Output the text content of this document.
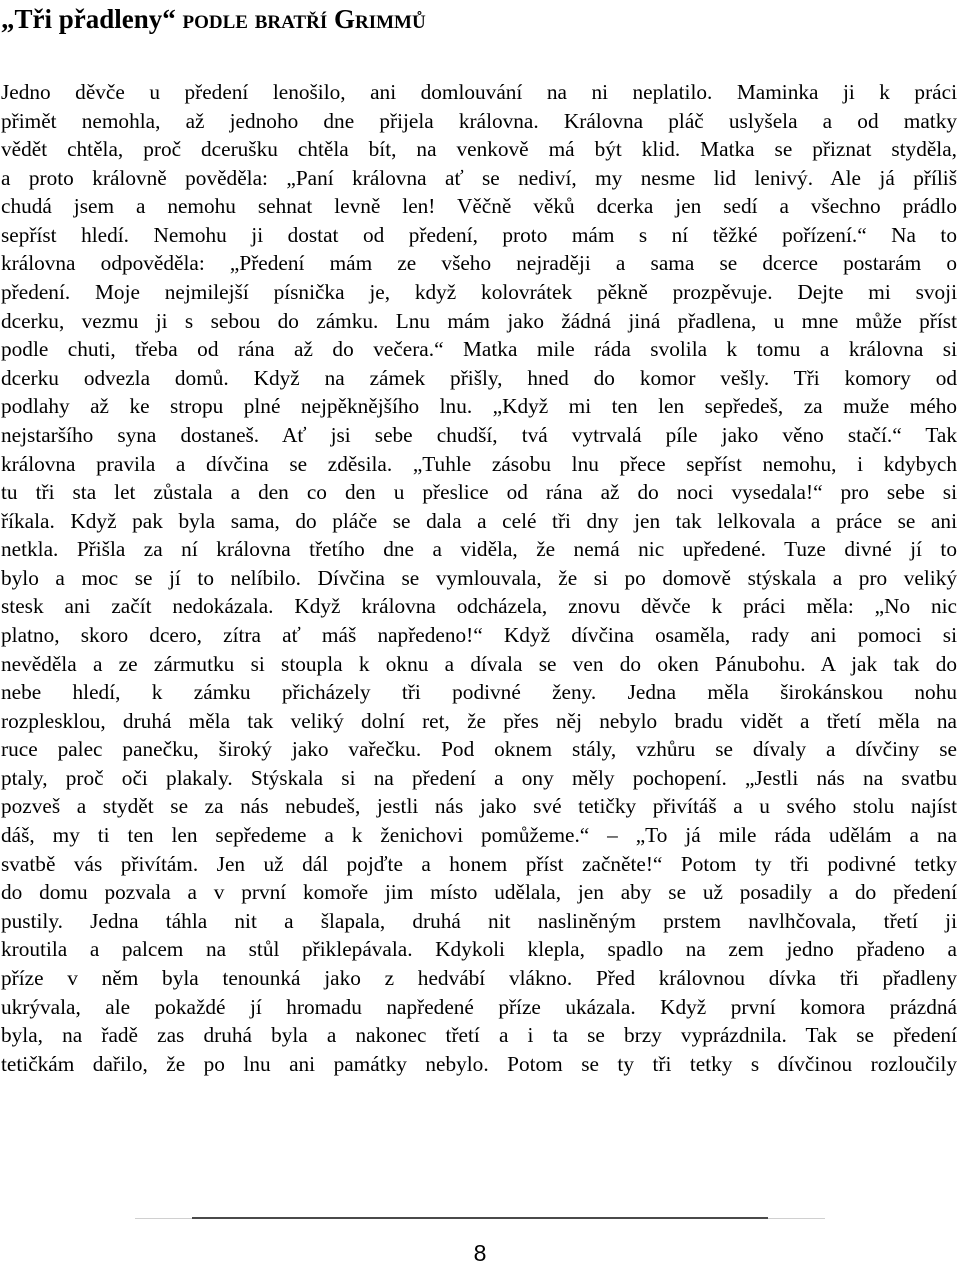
„Tři přadleny“ podle bratří Grimmů
Jedno děvče u předení lenošilo, ani domlouvání na ni neplatilo. Maminka ji k práci
přimět nemohla, až jednoho dne přijela královna. Královna pláč uslyšela a od matky
vědět chtěla, proč dcerušku chtěla bít, na venkově má být klid. Matka se přiznat styděla,
a proto královně pověděla: „Paní královna ať se nediví, my nesme lid lenivý. Ale já příliš
chudá jsem a nemohu sehnat levně len! Věčně věků dcerka jen sedí a všechno prádlo
sepříst hledí. Nemohu ji dostat od předení, proto mám s ní těžké pořízení.“ Na to
královna odpověděla: „Předení mám ze všeho nejraději a sama se dcerce postarám o
předení. Moje nejmilejší písnička je, když kolovrátek pěkně prozpěvuje. Dejte mi svoji
dcerku, vezmu ji s sebou do zámku. Lnu mám jako žádná jiná přadlena, u mne může příst
podle chuti, třeba od rána až do večera.“ Matka mile ráda svolila k tomu a královna si
dcerku odvezla domů. Když na zámek přišly, hned do komor vešly. Tři komory od
podlahy až ke stropu plné nejpěknějšího lnu. „Když mi ten len sepředeš, za muže mého
nejstaršího syna dostaneš. Ať jsi sebe chudší, tvá vytrvalá píle jako věno stačí.“ Tak
královna pravila a dívčina se zděsila. „Tuhle zásobu lnu přece sepříst nemohu, i kdybych
tu tři sta let zůstala a den co den u přeslice od rána až do noci vysedala!“ pro sebe si
říkala. Když pak byla sama, do pláče se dala a celé tři dny jen tak lelkovala a práce se ani
netkla. Přišla za ní královna třetího dne a viděla, že nemá nic upředené. Tuze divné jí to
bylo a moc se jí to nelíbilo. Dívčina se vymlouvala, že si po domově stýskala a pro veliký
stesk ani začít nedokázala. Když královna odcházela, znovu děvče k práci měla: „No nic
platno, skoro dcero, zítra ať máš napředeno!“ Když dívčina osaměla, rady ani pomoci si
nevěděla a ze zármutku si stoupla k oknu a dívala se ven do oken Pánubohu. A jak tak do
nebe hledí, k zámku přicházely tři podivné ženy. Jedna měla širokánskou nohu
rozplesklou, druhá měla tak veliký dolní ret, že přes něj nebylo bradu vidět a třetí měla na
ruce palec panečku, široký jako vařečku. Pod oknem stály, vzhůru se dívaly a dívčiny se
ptaly, proč oči plakaly. Stýskala si na předení a ony měly pochopení. „Jestli nás na svatbu
pozveš a stydět se za nás nebudeš, jestli nás jako své tetičky přivítáš a u svého stolu najíst
dáš, my ti ten len sepředeme a k ženichovi pomůžeme.“ – „To já mile ráda udělám a na
svatbě vás přivítám. Jen už dál pojďte a honem příst začněte!“ Potom ty tři podivné tetky
do domu pozvala a v první komoře jim místo udělala, jen aby se už posadily a do předení
pustily. Jedna táhla nit a šlapala, druhá nit nasliněným prstem navlhčovala, třetí ji
kroutila a palcem na stůl přiklepávala. Kdykoli klepla, spadlo na zem jedno přadeno a
příze v něm byla tenounká jako z hedvábí vlákno. Před královnou dívka tři přadleny
ukrývala, ale pokaždé jí hromadu napředené příze ukázala. Když první komora prázdná
byla, na řadě zas druhá byla a nakonec třetí a i ta se brzy vyprázdnila. Tak se předení
tetičkám dařilo, že po lnu ani památky nebylo. Potom se ty tři tetky s dívčinou rozloučily
8
